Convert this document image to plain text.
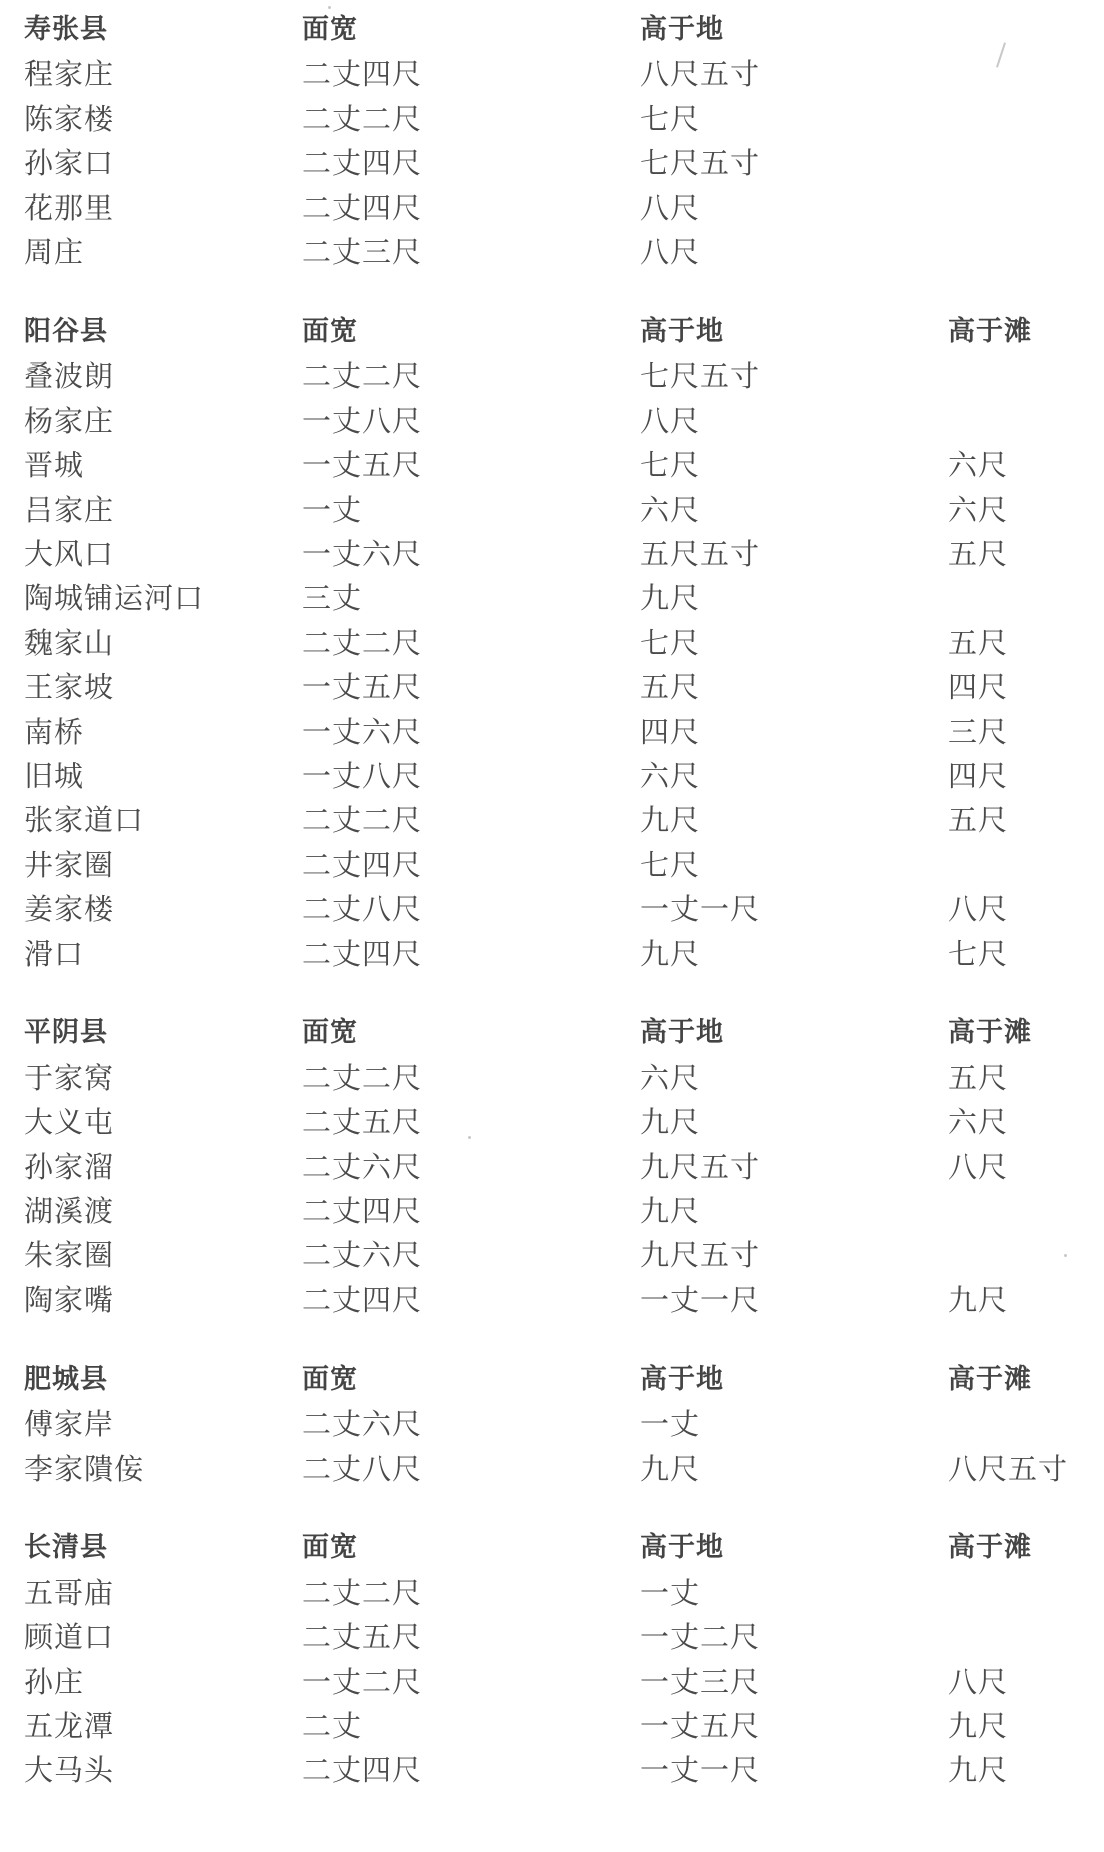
寿张县	面宽	高于地
程家庄	二丈四尺	八尺五寸
陈家楼	二丈二尺	七尺
孙家口	二丈四尺	七尺五寸
花那里	二丈四尺	八尺
周庄	二丈三尺	八尺
阳谷县	面宽	高于地	高于滩
叠波朗	二丈二尺	七尺五寸
杨家庄	一丈八尺	八尺
晋城	一丈五尺	七尺	六尺
吕家庄	一丈	六尺	六尺
大风口	一丈六尺	五尺五寸	五尺
陶城铺运河口	三丈	九尺
魏家山	二丈二尺	七尺	五尺
王家坡	一丈五尺	五尺	四尺
南桥	一丈六尺	四尺	三尺
旧城	一丈八尺	六尺	四尺
张家道口	二丈二尺	九尺	五尺
井家圈	二丈四尺	七尺
姜家楼	二丈八尺	一丈一尺	八尺
滑口	二丈四尺	九尺	七尺
平阴县	面宽	高于地	高于滩
于家窝	二丈二尺	六尺	五尺
大义屯	二丈五尺	九尺	六尺
孙家溜	二丈六尺	九尺五寸	八尺
湖溪渡	二丈四尺	九尺
朱家圈	二丈六尺	九尺五寸
陶家嘴	二丈四尺	一丈一尺	九尺
肥城县	面宽	高于地	高于滩
傅家岸	二丈六尺	一丈
李家隤侫	二丈八尺	九尺	八尺五寸
长清县	面宽	高于地	高于滩
五哥庙	二丈二尺	一丈
顾道口	二丈五尺	一丈二尺
孙庄	一丈二尺	一丈三尺	八尺
五龙潭	二丈	一丈五尺	九尺
大马头	二丈四尺	一丈一尺	九尺
